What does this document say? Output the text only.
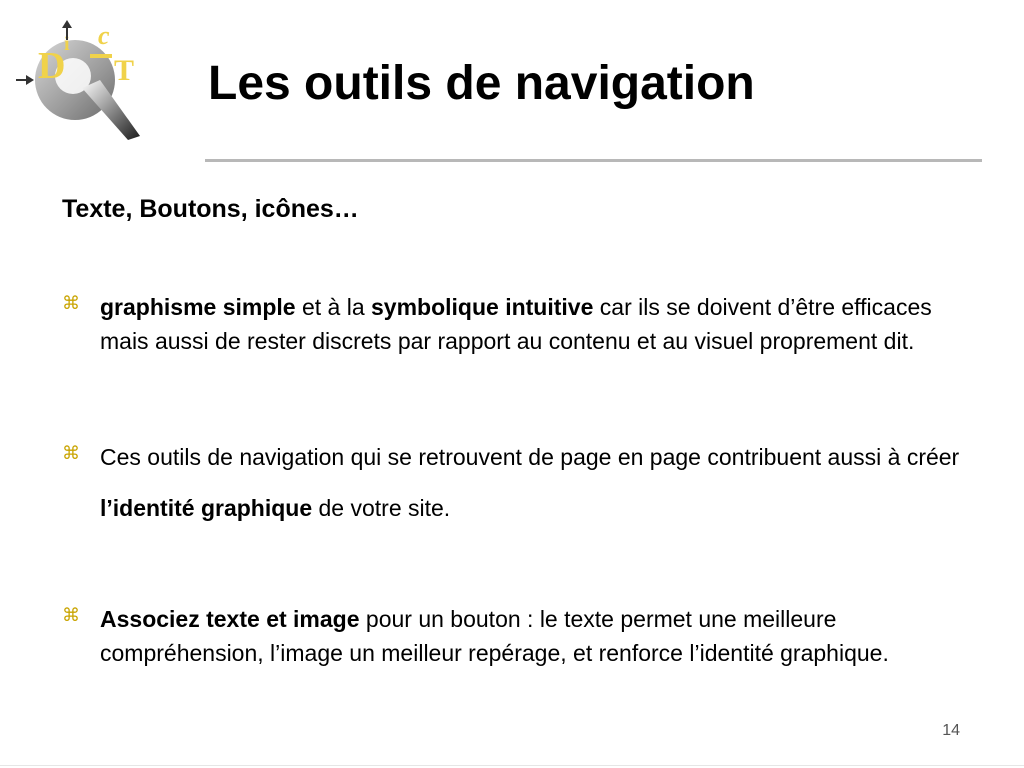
D
i c
T Les outils de navigation
Texte, Boutons, icônes…
⌘ graphisme simple et à la symbolique intuitive car ils se doivent d’être efficaces mais aussi de rester discrets par rapport au contenu et au visuel proprement dit.
⌘ Ces outils de navigation qui se retrouvent de page en page contribuent aussi à créer l’identité graphique de votre site.
⌘ Associez texte et image pour un bouton : le texte permet une meilleure compréhension, l’image un meilleur repérage, et renforce l’identité graphique.
14
